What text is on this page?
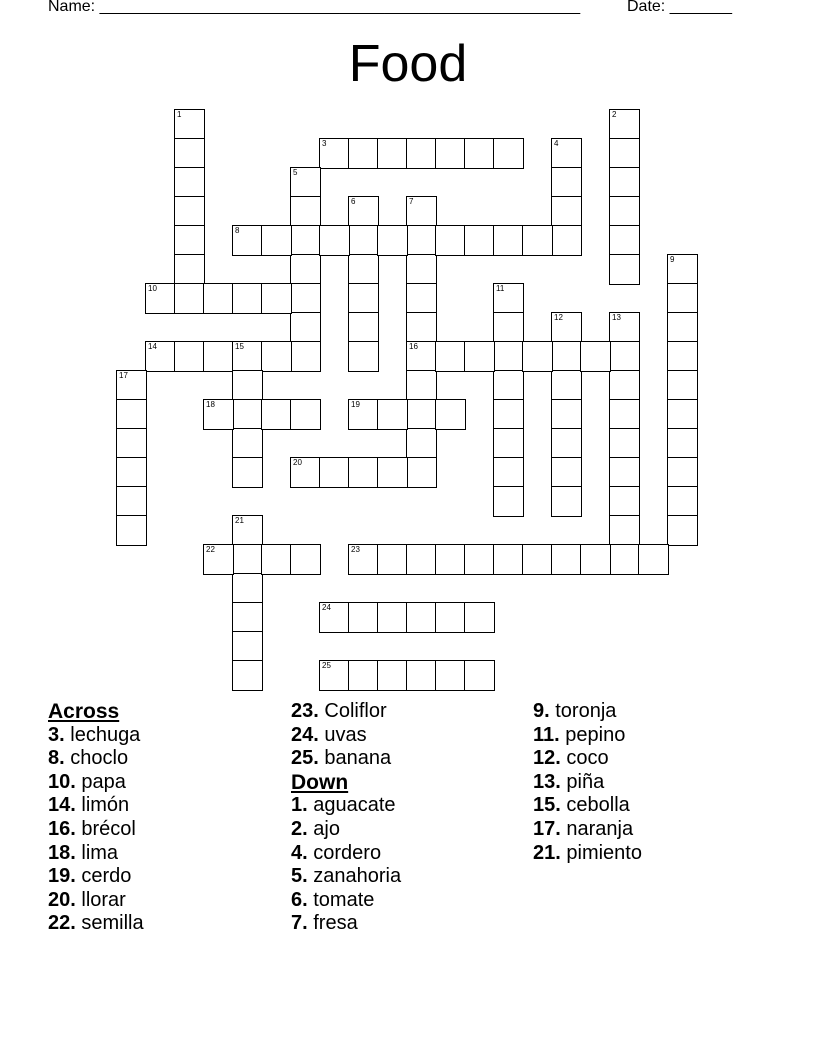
Name: ______________________________________________________	Date: _______
Food
1	2
3	4
5
6	7
16
8
9
10	11
12	13
14	15
17
18	19
20
21
22	23
24
25
Across
3. lechuga
8. choclo
10. papa
14. limón
16. brécol
18. lima
19. cerdo
20. llorar
22. semilla
23. Coliflor
24. uvas
25. banana
Down
1. aguacate
2. ajo
4. cordero
5. zanahoria
6. tomate
7. fresa
9. toronja
11. pepino
12. coco
13. piña
15. cebolla
17. naranja
21. pimiento
